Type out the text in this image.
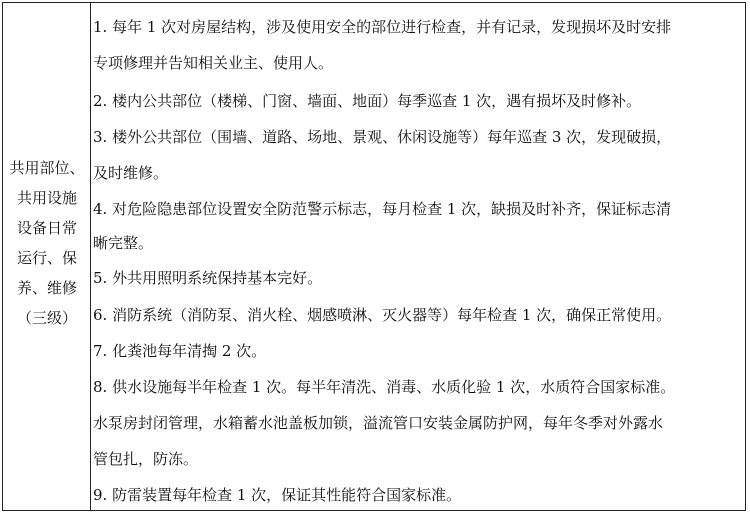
共用部位、
共用设施
设备日常
运行、保
养、维修
（三级）
1. 每年 1 次对房屋结构，涉及使用安全的部位进行检查，并有记录，发现损坏及时安排
专项修理并告知相关业主、使用人。
2. 楼内公共部位（楼梯、门窗、墙面、地面）每季巡查 1 次，遇有损坏及时修补。
3. 楼外公共部位（围墙、道路、场地、景观、休闲设施等）每年巡查 3 次，发现破损，
及时维修。
4. 对危险隐患部位设置安全防范警示标志，每月检查 1 次，缺损及时补齐，保证标志清
晰完整。
5. 外共用照明系统保持基本完好。
6. 消防系统（消防泵、消火栓、烟感喷淋、灭火器等）每年检查 1 次，确保正常使用。
7. 化粪池每年清掏 2 次。
8. 供水设施每半年检查 1 次。每半年清洗、消毒、水质化验 1 次，水质符合国家标准。
水泵房封闭管理，水箱蓄水池盖板加锁，溢流管口安装金属防护网，每年冬季对外露水
管包扎，防冻。
9. 防雷装置每年检查 1 次，保证其性能符合国家标准。
